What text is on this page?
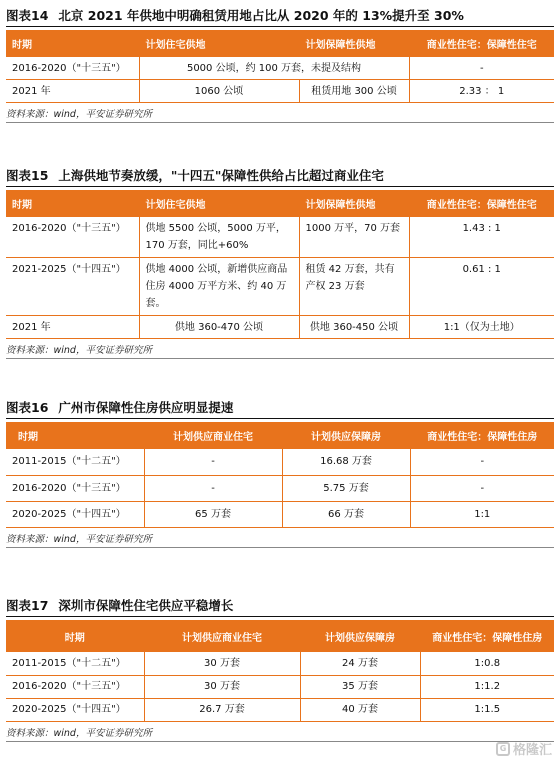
图表14 北京 2021 年供地中明确租赁用地占比从 2020 年的 13%提升至 30%
时期	计划住宅供地	计划保障性供地	商业性住宅：保障性住宅
2016-2020（"十三五"）	5000 公顷，约 100 万套，未提及结构		-
2021 年	1060 公顷	租赁用地 300 公顷	2.33 ： 1
资料来源：wind，平安证券研究所
图表15 上海供地节奏放缓，"十四五"保障性供给占比超过商业住宅
时期	计划住宅供地	计划保障性供地	商业性住宅：保障性住宅
2016-2020（"十三五"）	供地 5500 公顷，5000 万平，170 万套，同比+60%	1000 万平，70 万套	1.43 : 1
2021-2025（"十四五"）	供地 4000 公顷，新增供应商品住房 4000 万平方米、约 40 万套。	租赁 42 万套，共有产权 23 万套	0.61 : 1
2021 年	供地 360-470 公顷	供地 360-450 公顷	1:1（仅为土地）
资料来源：wind，平安证券研究所
图表16 广州市保障性住房供应明显提速
时期	计划供应商业住宅	计划供应保障房	商业性住宅：保障性住房
2011-2015（"十二五"）	-	16.68 万套	-
2016-2020（"十三五"）	-	5.75 万套	-
2020-2025（"十四五"）	65 万套	66 万套	1:1
资料来源：wind，平安证券研究所
图表17 深圳市保障性住宅供应平稳增长
时期	计划供应商业住宅	计划供应保障房	商业性住宅：保障性住房
2011-2015（"十二五"）	30 万套	24 万套	1:0.8
2016-2020（"十三五"）	30 万套	35 万套	1:1.2
2020-2025（"十四五"）	26.7 万套	40 万套	1:1.5
资料来源：wind，平安证券研究所
G 格隆汇
